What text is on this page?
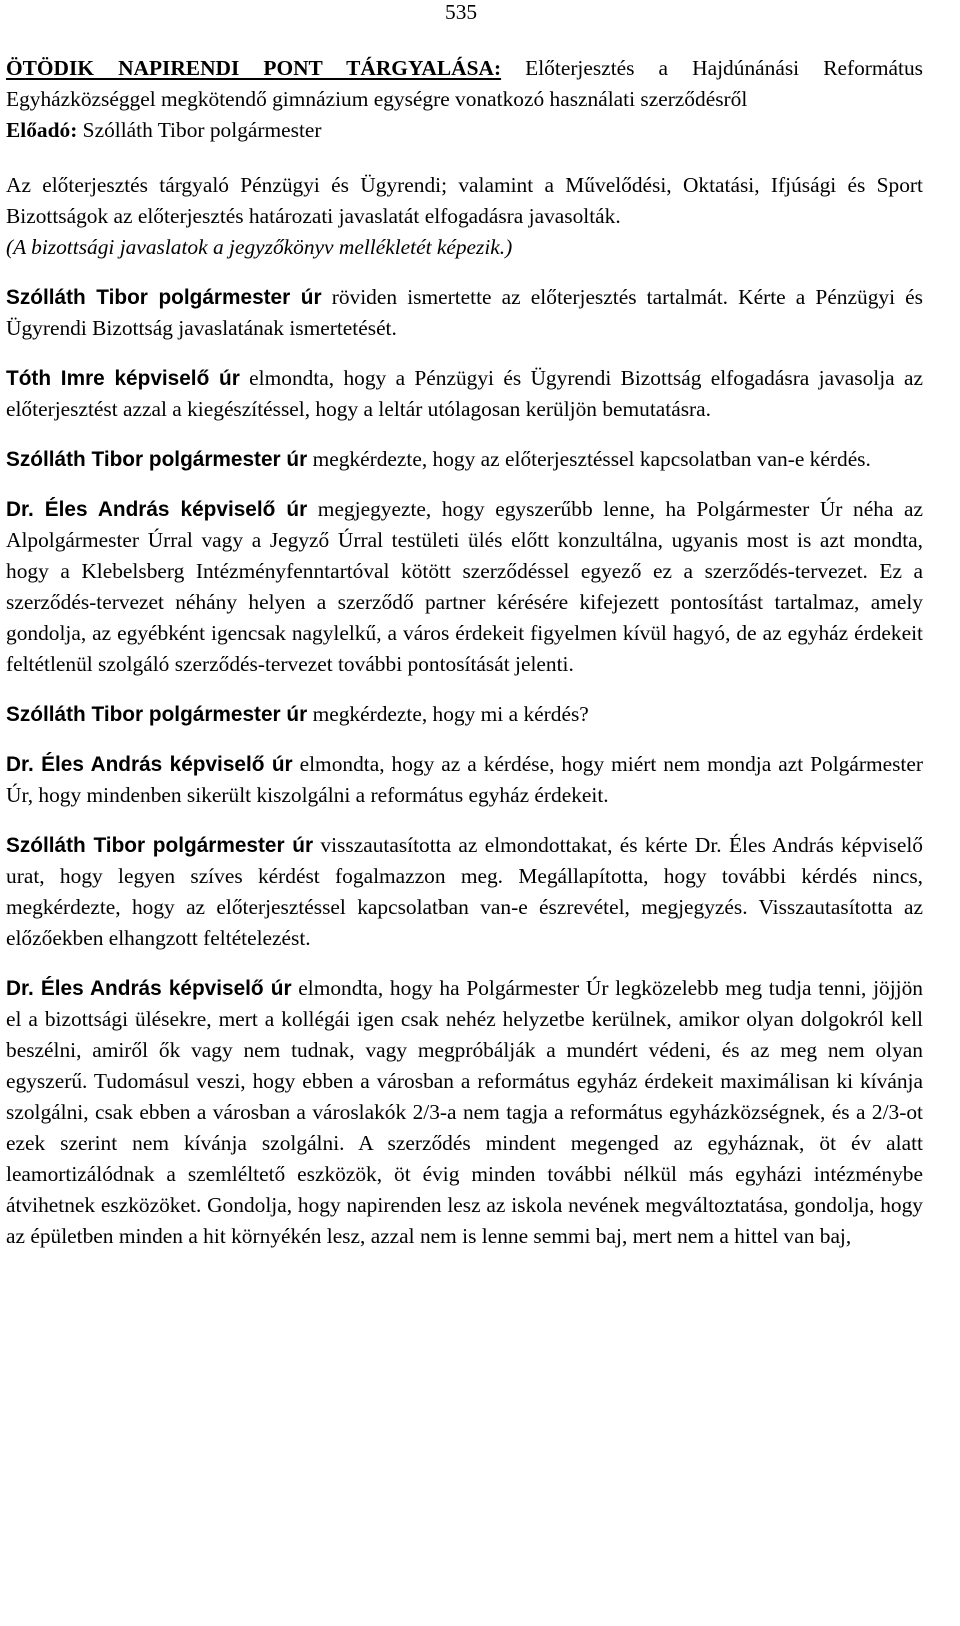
535

ÖTÖDIK NAPIRENDI PONT TÁRGYALÁSA: Előterjesztés a Hajdúnánási Református Egyházközséggel megkötendő gimnázium egységre vonatkozó használati szerződésről

Előadó: Szólláth Tibor polgármester

Az előterjesztés tárgyaló Pénzügyi és Ügyrendi; valamint a Művelődési, Oktatási, Ifjúsági és Sport Bizottságok az előterjesztés határozati javaslatát elfogadásra javasolták.

(A bizottsági javaslatok a jegyzőkönyv mellékletét képezik.)

Szólláth Tibor polgármester úr röviden ismertette az előterjesztés tartalmát. Kérte a Pénzügyi és Ügyrendi Bizottság javaslatának ismertetését.

Tóth Imre képviselő úr elmondta, hogy a Pénzügyi és Ügyrendi Bizottság elfogadásra javasolja az előterjesztést azzal a kiegészítéssel, hogy a leltár utólagosan kerüljön bemutatásra.

Szólláth Tibor polgármester úr megkérdezte, hogy az előterjesztéssel kapcsolatban van-e kérdés.

Dr. Éles András képviselő úr megjegyezte, hogy egyszerűbb lenne, ha Polgármester Úr néha az Alpolgármester Úrral vagy a Jegyző Úrral testületi ülés előtt konzultálna, ugyanis most is azt mondta, hogy a Klebelsberg Intézményfenntartóval kötött szerződéssel egyező ez a szerződés-tervezet. Ez a szerződés-tervezet néhány helyen a szerződő partner kérésére kifejezett pontosítást tartalmaz, amely gondolja, az egyébként igencsak nagylelkű, a város érdekeit figyelmen kívül hagyó, de az egyház érdekeit feltétlenül szolgáló szerződés-tervezet további pontosítását jelenti.

Szólláth Tibor polgármester úr megkérdezte, hogy mi a kérdés?

Dr. Éles András képviselő úr elmondta, hogy az a kérdése, hogy miért nem mondja azt Polgármester Úr, hogy mindenben sikerült kiszolgálni a református egyház érdekeit.

Szólláth Tibor polgármester úr visszautasította az elmondottakat, és kérte Dr. Éles András képviselő urat, hogy legyen szíves kérdést fogalmazzon meg. Megállapította, hogy további kérdés nincs, megkérdezte, hogy az előterjesztéssel kapcsolatban van-e észrevétel, megjegyzés. Visszautasította az előzőekben elhangzott feltételezést.

Dr. Éles András képviselő úr elmondta, hogy ha Polgármester Úr legközelebb meg tudja tenni, jöjjön el a bizottsági ülésekre, mert a kollégái igen csak nehéz helyzetbe kerülnek, amikor olyan dolgokról kell beszélni, amiről ők vagy nem tudnak, vagy megpróbálják a mundért védeni, és az meg nem olyan egyszerű. Tudomásul veszi, hogy ebben a városban a református egyház érdekeit maximálisan ki kívánja szolgálni, csak ebben a városban a városlakók 2/3-a nem tagja a református egyházközségnek, és a 2/3-ot ezek szerint nem kívánja szolgálni. A szerződés mindent megenged az egyháznak, öt év alatt leamortizálódnak a szemléltető eszközök, öt évig minden további nélkül más egyházi intézménybe átvihetnek eszközöket. Gondolja, hogy napirenden lesz az iskola nevének megváltoztatása, gondolja, hogy az épületben minden a hit környékén lesz, azzal nem is lenne semmi baj, mert nem a hittel van baj,
